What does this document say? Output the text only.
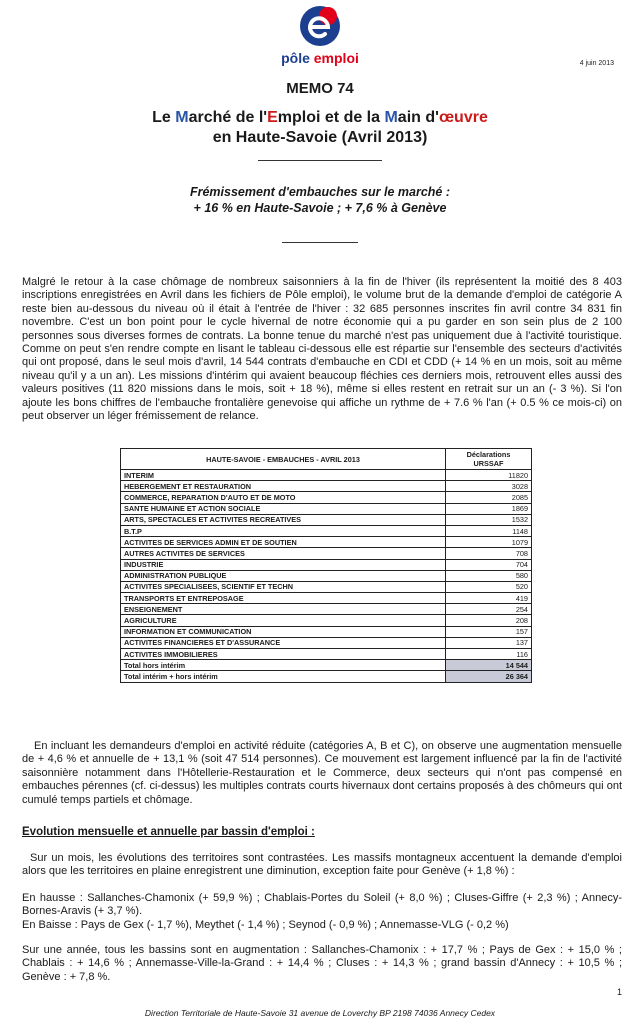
pôle emploi	4 juin 2013
MEMO 74
Le Marché de l'Emploi et de la Main d'œuvre
en Haute-Savoie (Avril 2013)
Frémissement d'embauches sur le marché :
+ 16 % en Haute-Savoie ; + 7,6 % à Genève
Malgré le retour à la case chômage de nombreux saisonniers à la fin de l'hiver (ils représentent la moitié des 8 403 inscriptions enregistrées en Avril dans les fichiers de Pôle emploi), le volume brut de la demande d'emploi de catégorie A reste bien au-dessous du niveau où il était à l'entrée de l'hiver : 32 685 personnes inscrites fin avril contre 34 831 fin novembre. C'est un bon point pour le cycle hivernal de notre économie qui a pu garder en son sein plus de 2 100 personnes sous diverses formes de contrats. La bonne tenue du marché n'est pas uniquement due à l'activité touristique. Comme on peut s'en rendre compte en lisant le tableau ci-dessous elle est répartie sur l'ensemble des secteurs d'activités qui ont proposé, dans le seul mois d'avril, 14 544 contrats d'embauche en CDI et CDD (+ 14 % en un mois, soit au même niveau qu'il y a un an). Les missions d'intérim qui avaient beaucoup fléchies ces derniers mois, retrouvent elles aussi des valeurs positives (11 820 missions dans le mois, soit + 18 %), même si elles restent en retrait sur un an (- 3 %). Si l'on ajoute les bons chiffres de l'embauche frontalière genevoise qui affiche un rythme de + 7.6 % l'an (+ 0.5 % ce mois-ci) on peut observer un léger frémissement de relance.
HAUTE-SAVOIE - EMBAUCHES - AVRIL 2013	Déclarations
URSSAF

INTERIM	11820
HEBERGEMENT ET RESTAURATION	3028
COMMERCE, REPARATION D'AUTO ET DE MOTO	2085
SANTE HUMAINE ET ACTION SOCIALE	1869
ARTS, SPECTACLES ET ACTIVITES RECREATIVES	1532
B.T.P	1148
ACTIVITES DE SERVICES ADMIN ET DE SOUTIEN	1079
AUTRES ACTIVITES DE SERVICES	708
INDUSTRIE	704
ADMINISTRATION PUBLIQUE	580
ACTIVITES SPECIALISEES, SCIENTIF ET TECHN	520
TRANSPORTS ET ENTREPOSAGE	419
ENSEIGNEMENT	254
AGRICULTURE	208
INFORMATION ET COMMUNICATION	157
ACTIVITES FINANCIERES ET D'ASSURANCE	137
ACTIVITES IMMOBILIERES	116
Total hors intérim	14 544
Total intérim + hors intérim	26 364
En incluant les demandeurs d'emploi en activité réduite (catégories A, B et C), on observe une augmentation mensuelle de + 4,6 % et annuelle de + 13,1 % (soit 47 514 personnes). Ce mouvement est largement influencé par la fin de l'activité saisonnière notamment dans l'Hôtellerie-Restauration et le Commerce, deux secteurs qui n'ont pas compensé en embauches pérennes (cf. ci-dessus) les multiples contrats courts hivernaux dont certains proposés à des chômeurs qui ont cumulé temps partiels et chômage.
Evolution mensuelle et annuelle par bassin d'emploi :
Sur un mois, les évolutions des territoires sont contrastées. Les massifs montagneux accentuent la demande d'emploi alors que les territoires en plaine enregistrent une diminution, exception faite pour Genève (+ 1,8 %) :
En hausse : Sallanches-Chamonix (+ 59,9 %) ; Chablais-Portes du Soleil (+ 8,0 %) ; Cluses-Giffre (+ 2,3 %) ; Annecy-Bornes-Aravis (+ 3,7 %).
En Baisse : Pays de Gex (- 1,7 %), Meythet (- 1,4 %) ; Seynod (- 0,9 %) ; Annemasse-VLG (- 0,2 %)
Sur une année, tous les bassins sont en augmentation : Sallanches-Chamonix : + 17,7 % ; Pays de Gex : + 15,0 % ; Chablais : + 14,6 % ; Annemasse-Ville-la-Grand : + 14,4 % ; Cluses : + 14,3 % ; grand bassin d'Annecy : + 10,5 % ; Genève : + 7,8 %.
1
Direction Territoriale de Haute-Savoie 31 avenue de Loverchy BP 2198 74036 Annecy Cedex
